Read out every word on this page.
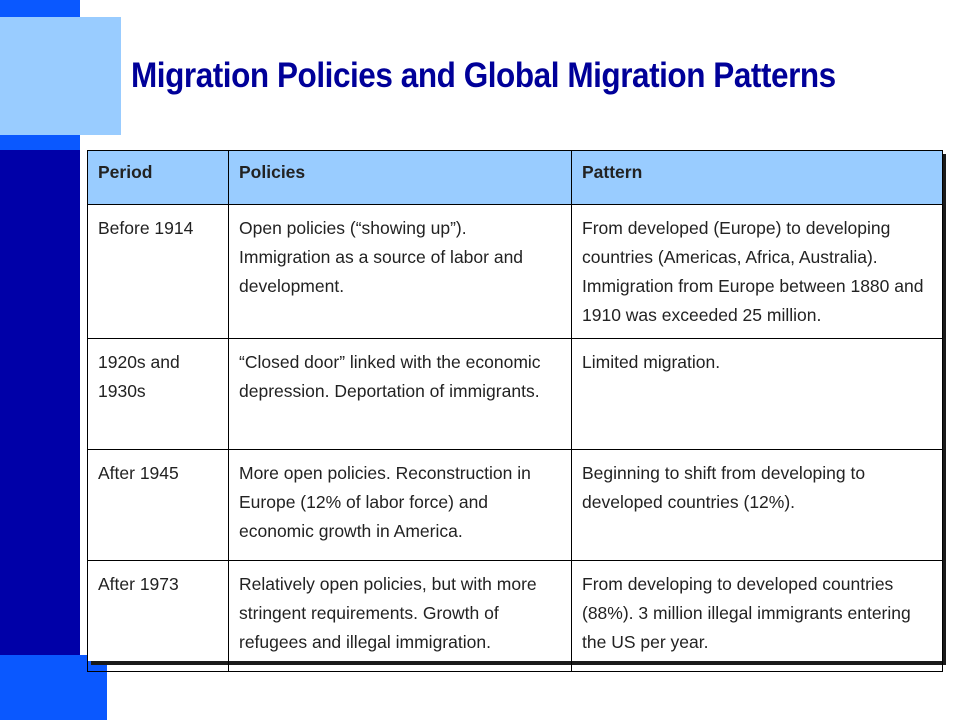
Migration Policies and Global Migration Patterns
Period	Policies	Pattern

Before 1914	Open policies (“showing up”). Immigration as a source of labor and development.	From developed (Europe) to developing countries (Americas, Africa, Australia). Immigration from Europe between 1880 and 1910 was exceeded 25 million.

1920s and 1930s	“Closed door” linked with the economic depression. Deportation of immigrants.	Limited migration.

After 1945	More open policies. Reconstruction in Europe (12% of labor force) and economic growth in America.	Beginning to shift from developing to developed countries (12%).

After 1973	Relatively open policies, but with more stringent requirements. Growth of refugees and illegal immigration.	From developing to developed countries (88%). 3 million illegal immigrants entering the US per year.
